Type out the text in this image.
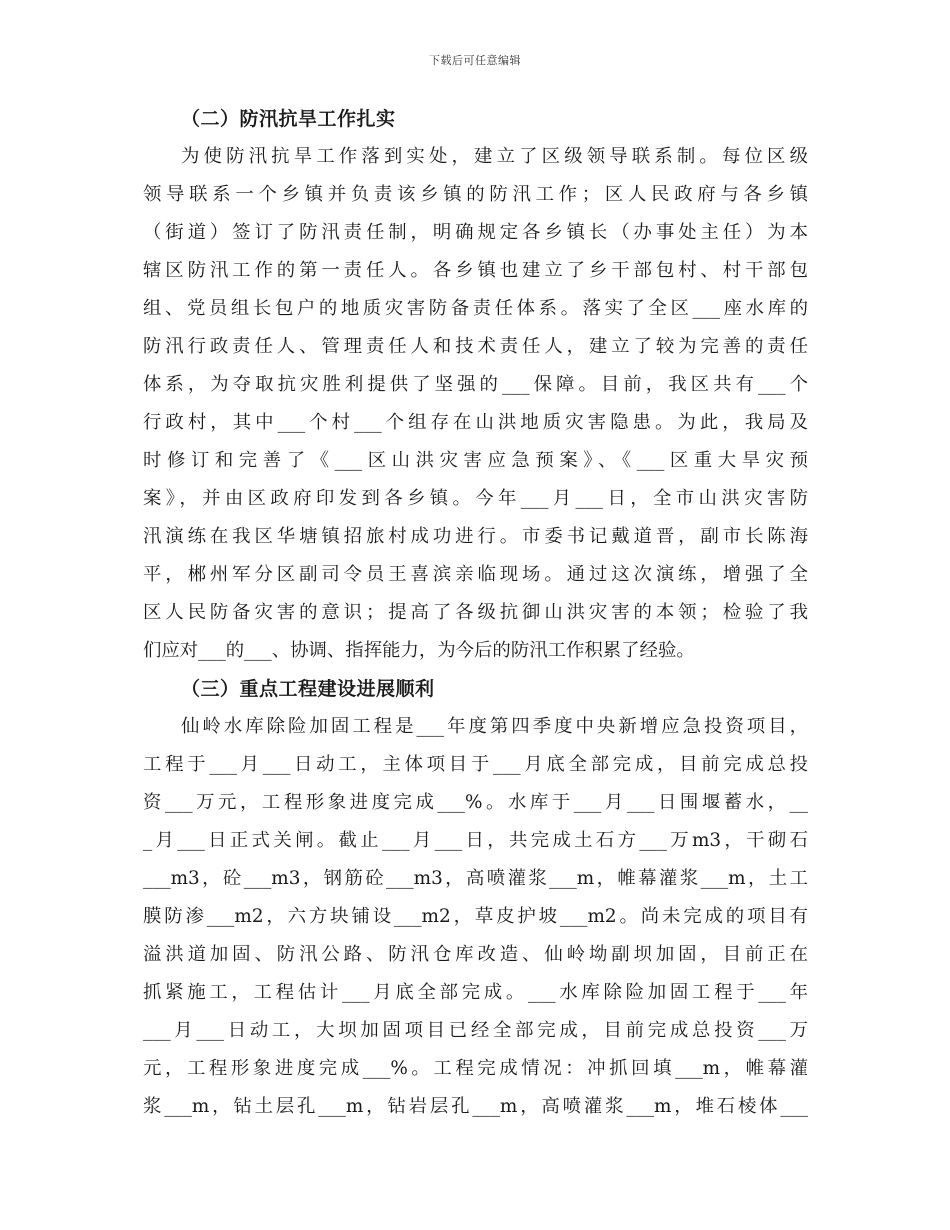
下载后可任意编辑
（二）防汛抗旱工作扎实
为使防汛抗旱工作落到实处，建立了区级领导联系制。每位区级
领导联系一个乡镇并负责该乡镇的防汛工作；区人民政府与各乡镇
（街道）签订了防汛责任制，明确规定各乡镇长（办事处主任）为本
辖区防汛工作的第一责任人。各乡镇也建立了乡干部包村、村干部包
组、党员组长包户的地质灾害防备责任体系。落实了全区___座水库的
防汛行政责任人、管理责任人和技术责任人，建立了较为完善的责任
体系，为夺取抗灾胜利提供了坚强的___保障。目前，我区共有___个
行政村，其中___个村___个组存在山洪地质灾害隐患。为此，我局及
时修订和完善了《___区山洪灾害应急预案》、《___区重大旱灾预
案》，并由区政府印发到各乡镇。今年___月___日，全市山洪灾害防
汛演练在我区华塘镇招旅村成功进行。市委书记戴道晋，副市长陈海
平，郴州军分区副司令员王喜滨亲临现场。通过这次演练，增强了全
区人民防备灾害的意识；提高了各级抗御山洪灾害的本领；检验了我
们应对___的___、协调、指挥能力，为今后的防汛工作积累了经验。
（三）重点工程建设进展顺利
仙岭水库除险加固工程是___年度第四季度中央新增应急投资项目，
工程于___月___日动工，主体项目于___月底全部完成，目前完成总投
资___万元，工程形象进度完成___%。水库于___月___日围堰蓄水，__
_月___日正式关闸。截止___月___日，共完成土石方___万m3，干砌石
___m3，砼___m3，钢筋砼___m3，高喷灌浆___m，帷幕灌浆___m，土工
膜防渗___m2，六方块铺设___m2，草皮护坡___m2。尚未完成的项目有
溢洪道加固、防汛公路、防汛仓库改造、仙岭坳副坝加固，目前正在
抓紧施工，工程估计___月底全部完成。___水库除险加固工程于___年
___月___日动工，大坝加固项目已经全部完成，目前完成总投资___万
元，工程形象进度完成___%。工程完成情况：冲抓回填___m，帷幕灌
浆___m，钻土层孔___m，钻岩层孔___m，高喷灌浆___m，堆石棱体___
